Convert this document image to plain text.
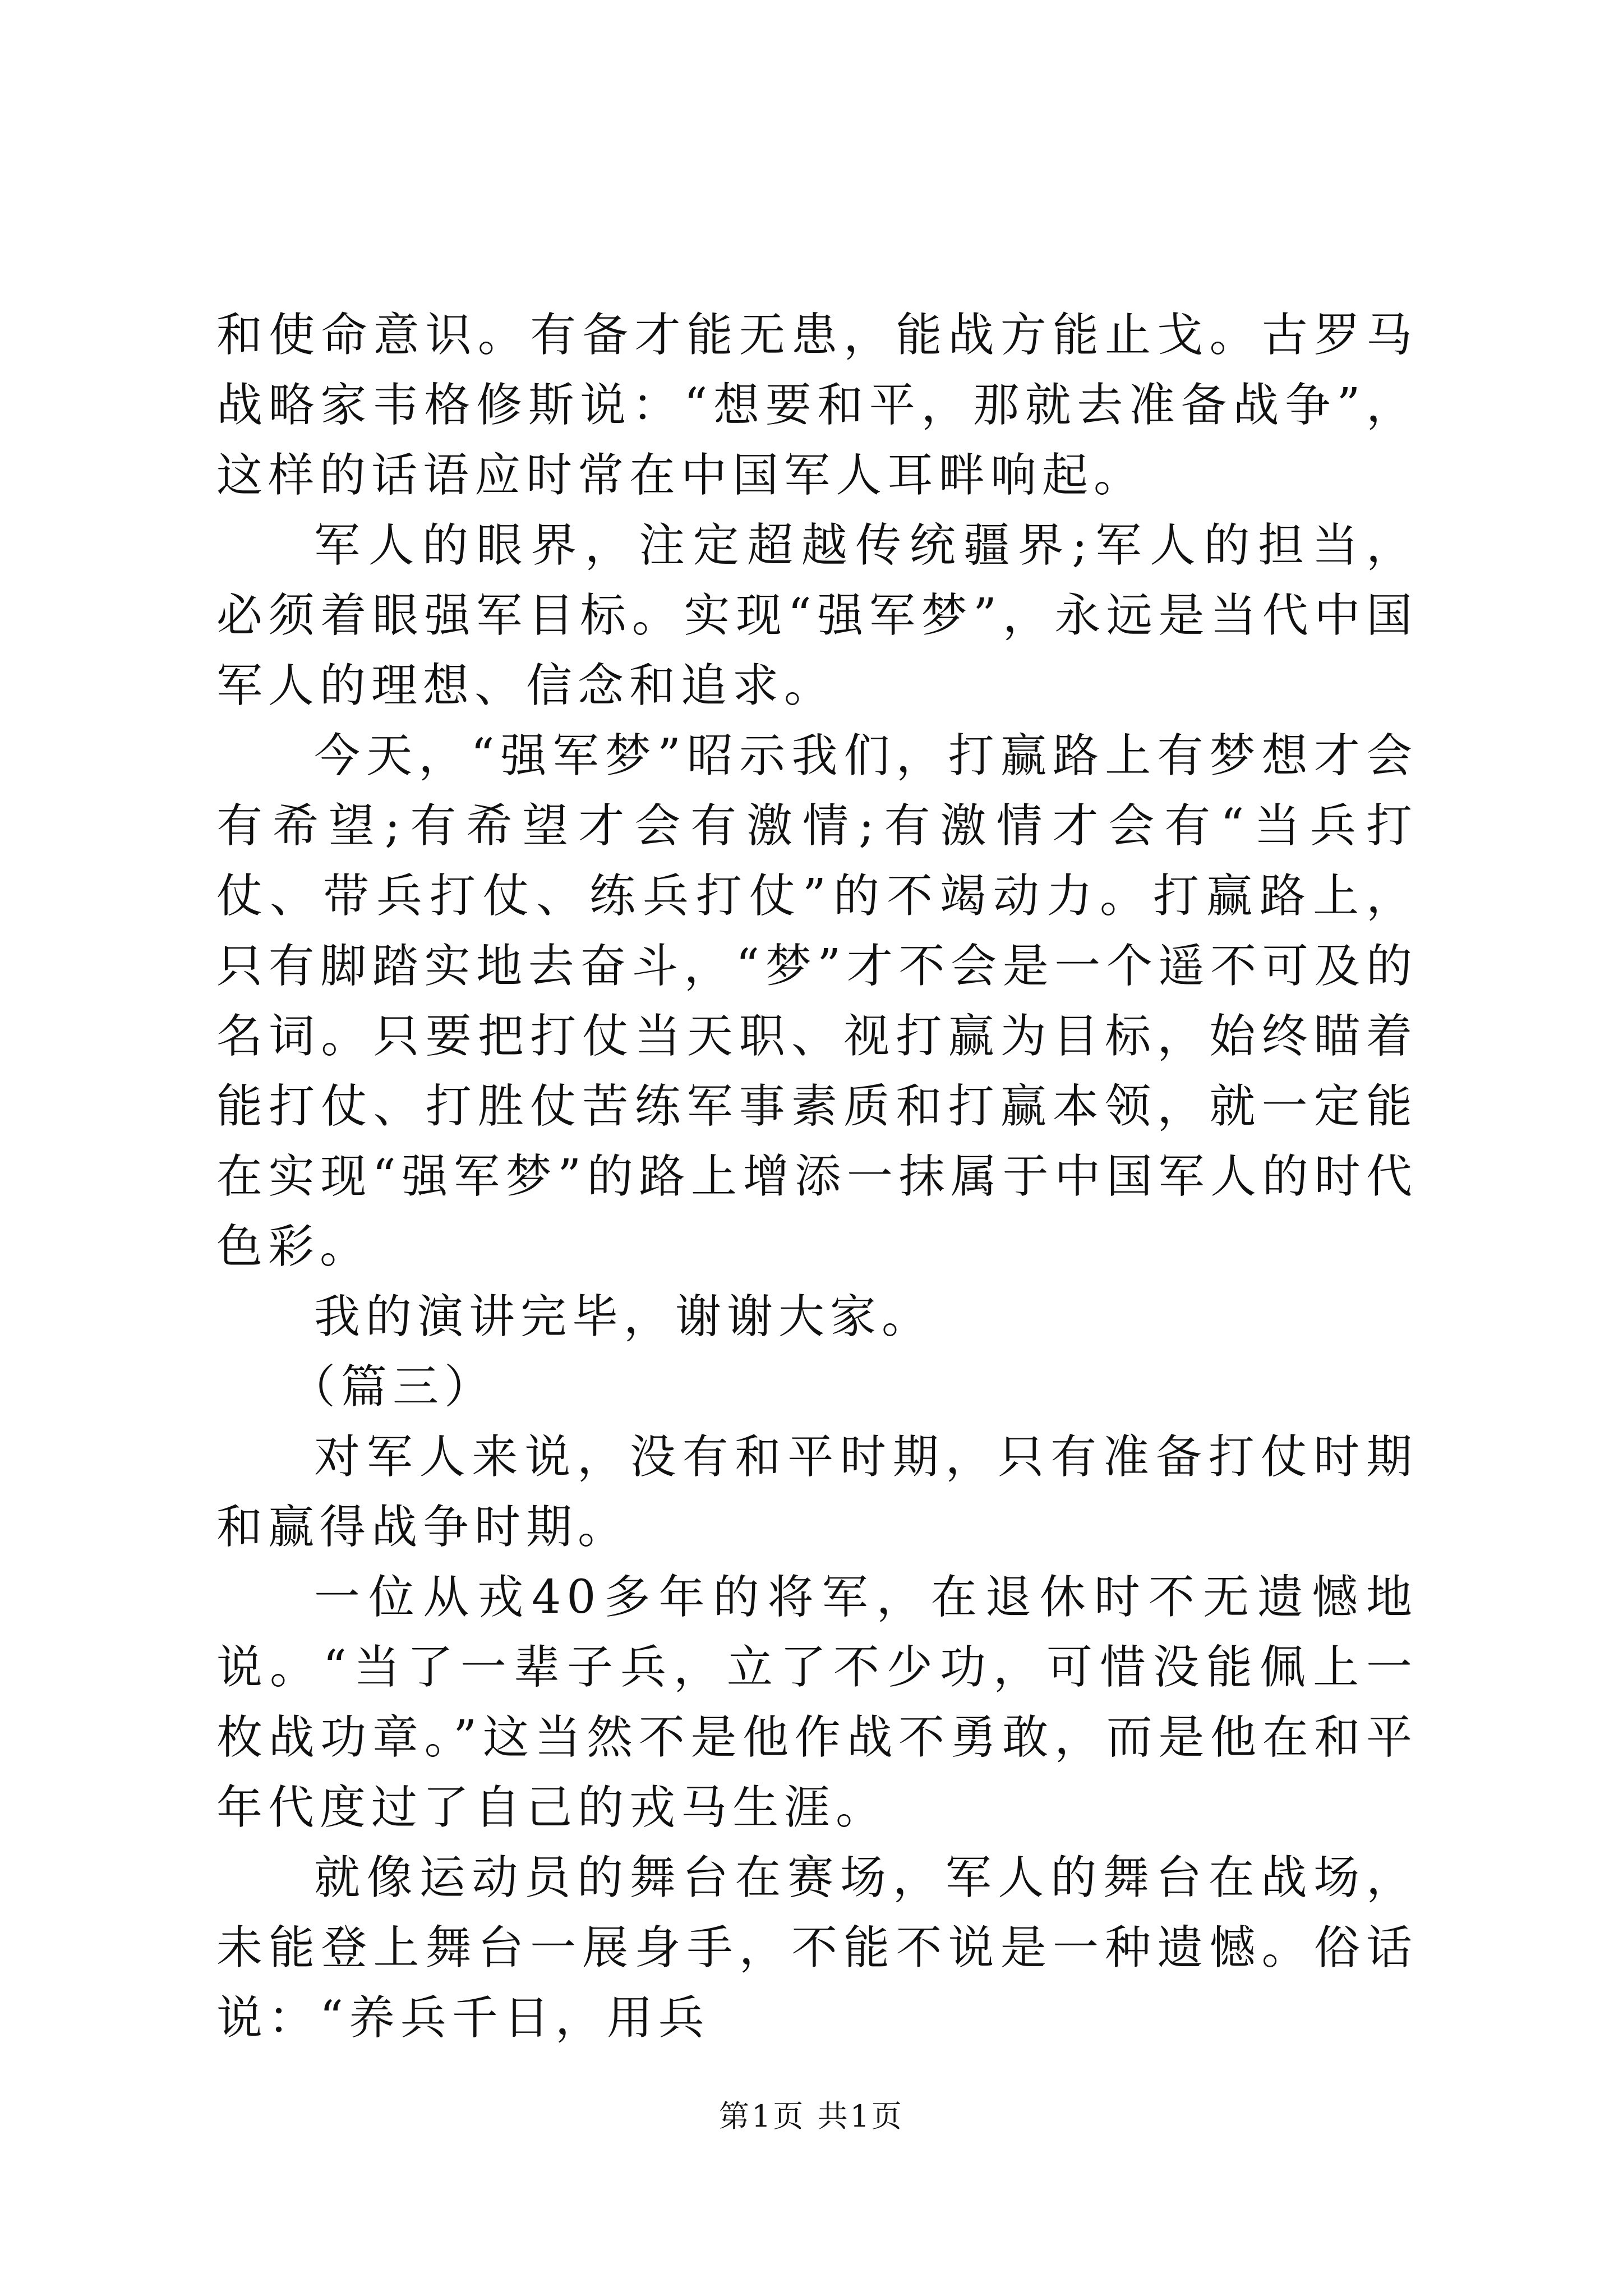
和使命意识。有备才能无患，能战方能止戈。古罗马战略家韦格修斯说：“想要和平，那就去准备战争”，这样的话语应时常在中国军人耳畔响起。

军人的眼界，注定超越传统疆界;军人的担当，必须着眼强军目标。实现“强军梦”，永远是当代中国军人的理想、信念和追求。

今天，“强军梦”昭示我们，打赢路上有梦想才会有希望;有希望才会有激情;有激情才会有“当兵打仗、带兵打仗、练兵打仗”的不竭动力。打赢路上，只有脚踏实地去奋斗，“梦”才不会是一个遥不可及的名词。只要把打仗当天职、视打赢为目标，始终瞄着能打仗、打胜仗苦练军事素质和打赢本领，就一定能在实现“强军梦”的路上增添一抹属于中国军人的时代色彩。

我的演讲完毕，谢谢大家。

（篇三）

对军人来说，没有和平时期，只有准备打仗时期和赢得战争时期。

一位从戎40多年的将军，在退休时不无遗憾地说。“当了一辈子兵，立了不少功，可惜没能佩上一枚战功章。”这当然不是他作战不勇敢，而是他在和平年代度过了自己的戎马生涯。

就像运动员的舞台在赛场，军人的舞台在战场，未能登上舞台一展身手，不能不说是一种遗憾。俗话说：“养兵千日，用兵

第1页 共1页
